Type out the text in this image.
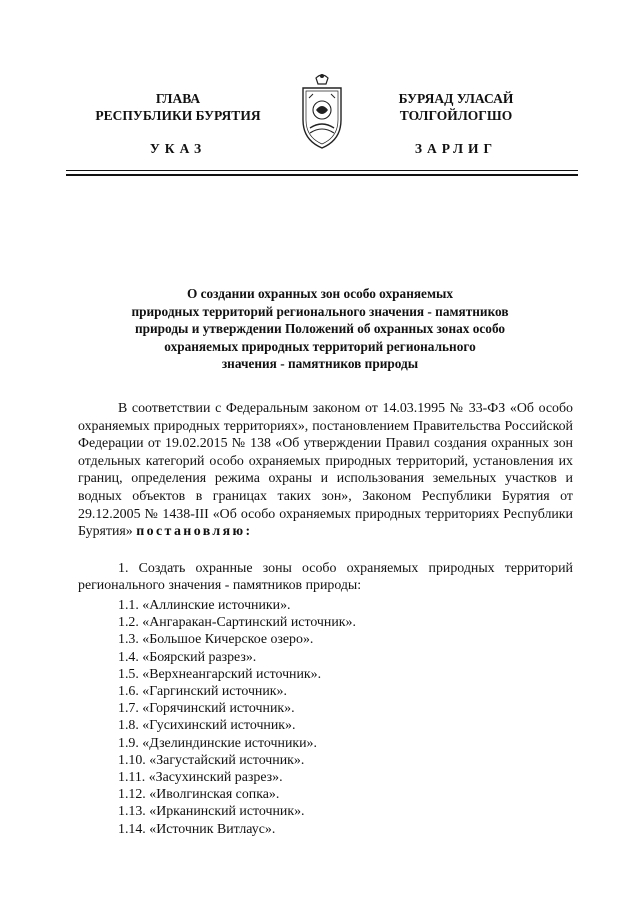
ГЛАВА
РЕСПУБЛИКИ БУРЯТИЯ
УКАЗ
БУРЯАД УЛАСАЙ
ТОЛГОЙЛОГШО
ЗАРЛИГ
О создании охранных зон особо охраняемых
природных территорий регионального значения - памятников
природы и утверждении Положений об охранных зонах особо
охраняемых природных территорий регионального
значения - памятников природы

В соответствии с Федеральным законом от 14.03.1995 № 33-ФЗ «Об особо охраняемых природных территориях», постановлением Правительства Российской Федерации от 19.02.2015 № 138 «Об утверждении Правил создания охранных зон отдельных категорий особо охраняемых природных территорий, установления их границ, определения режима охраны и использования земельных участков и водных объектов в границах таких зон», Законом Республики Бурятия от 29.12.2005 № 1438-III «Об особо охраняемых природных территориях Республики Бурятия» постановляю:

1. Создать охранные зоны особо охраняемых природных территорий регионального значения - памятников природы:

1.1. «Аллинские источники».
1.2. «Ангаракан-Сартинский источник».
1.3. «Большое Кичерское озеро».
1.4. «Боярский разрез».
1.5. «Верхнеангарский источник».
1.6. «Гаргинский источник».
1.7. «Горячинский источник».
1.8. «Гусихинский источник».
1.9. «Дзелиндинские источники».
1.10. «Загустайский источник».
1.11. «Засухинский разрез».
1.12. «Иволгинская сопка».
1.13. «Ирканинский источник».
1.14. «Источник Витлаус».
